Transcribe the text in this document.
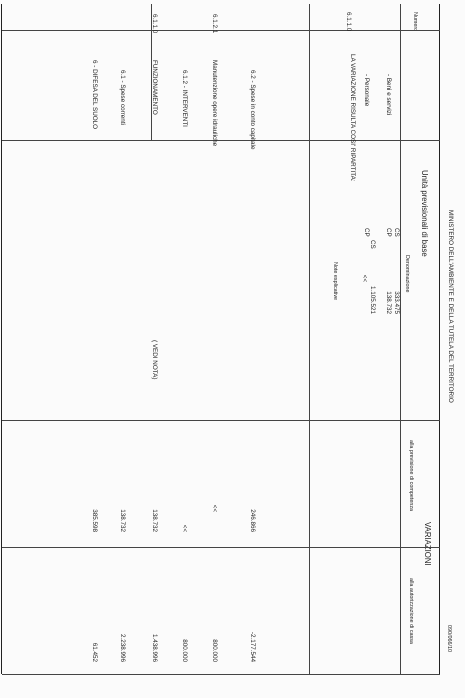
090/066/10
MINISTERO DELL'AMBIENTE E DELLA TUTELA DEL TERRITORIO
Unità previsionali di base
VARIAZIONI
Numero
Denominazione
alla previsione di competenza
alla autorizzazione di cassa
6 - DIFESA DEL SUOLO
385.598
61.452
6.1 - Spese correnti
138.732
2.238.996
6.1.1.0
FUNZIONAMENTO
( VEDI NOTA)
138.732
1.438.996
6.1.2 - INTERVENTI
<<
800.000
6.1.2.1
Manutenzione opere idrauliche
<<
800.000
6.2 - Spese in conto capitale
246.866
-2.177.544
Note esplicative
6.1.1.0
LA VARIAZIONE RISULTA COSI' RIPARTITA: - Personale
CP
<<
CS
1.105.521
- Beni e servizi
CP
138.732
CS
333.475
